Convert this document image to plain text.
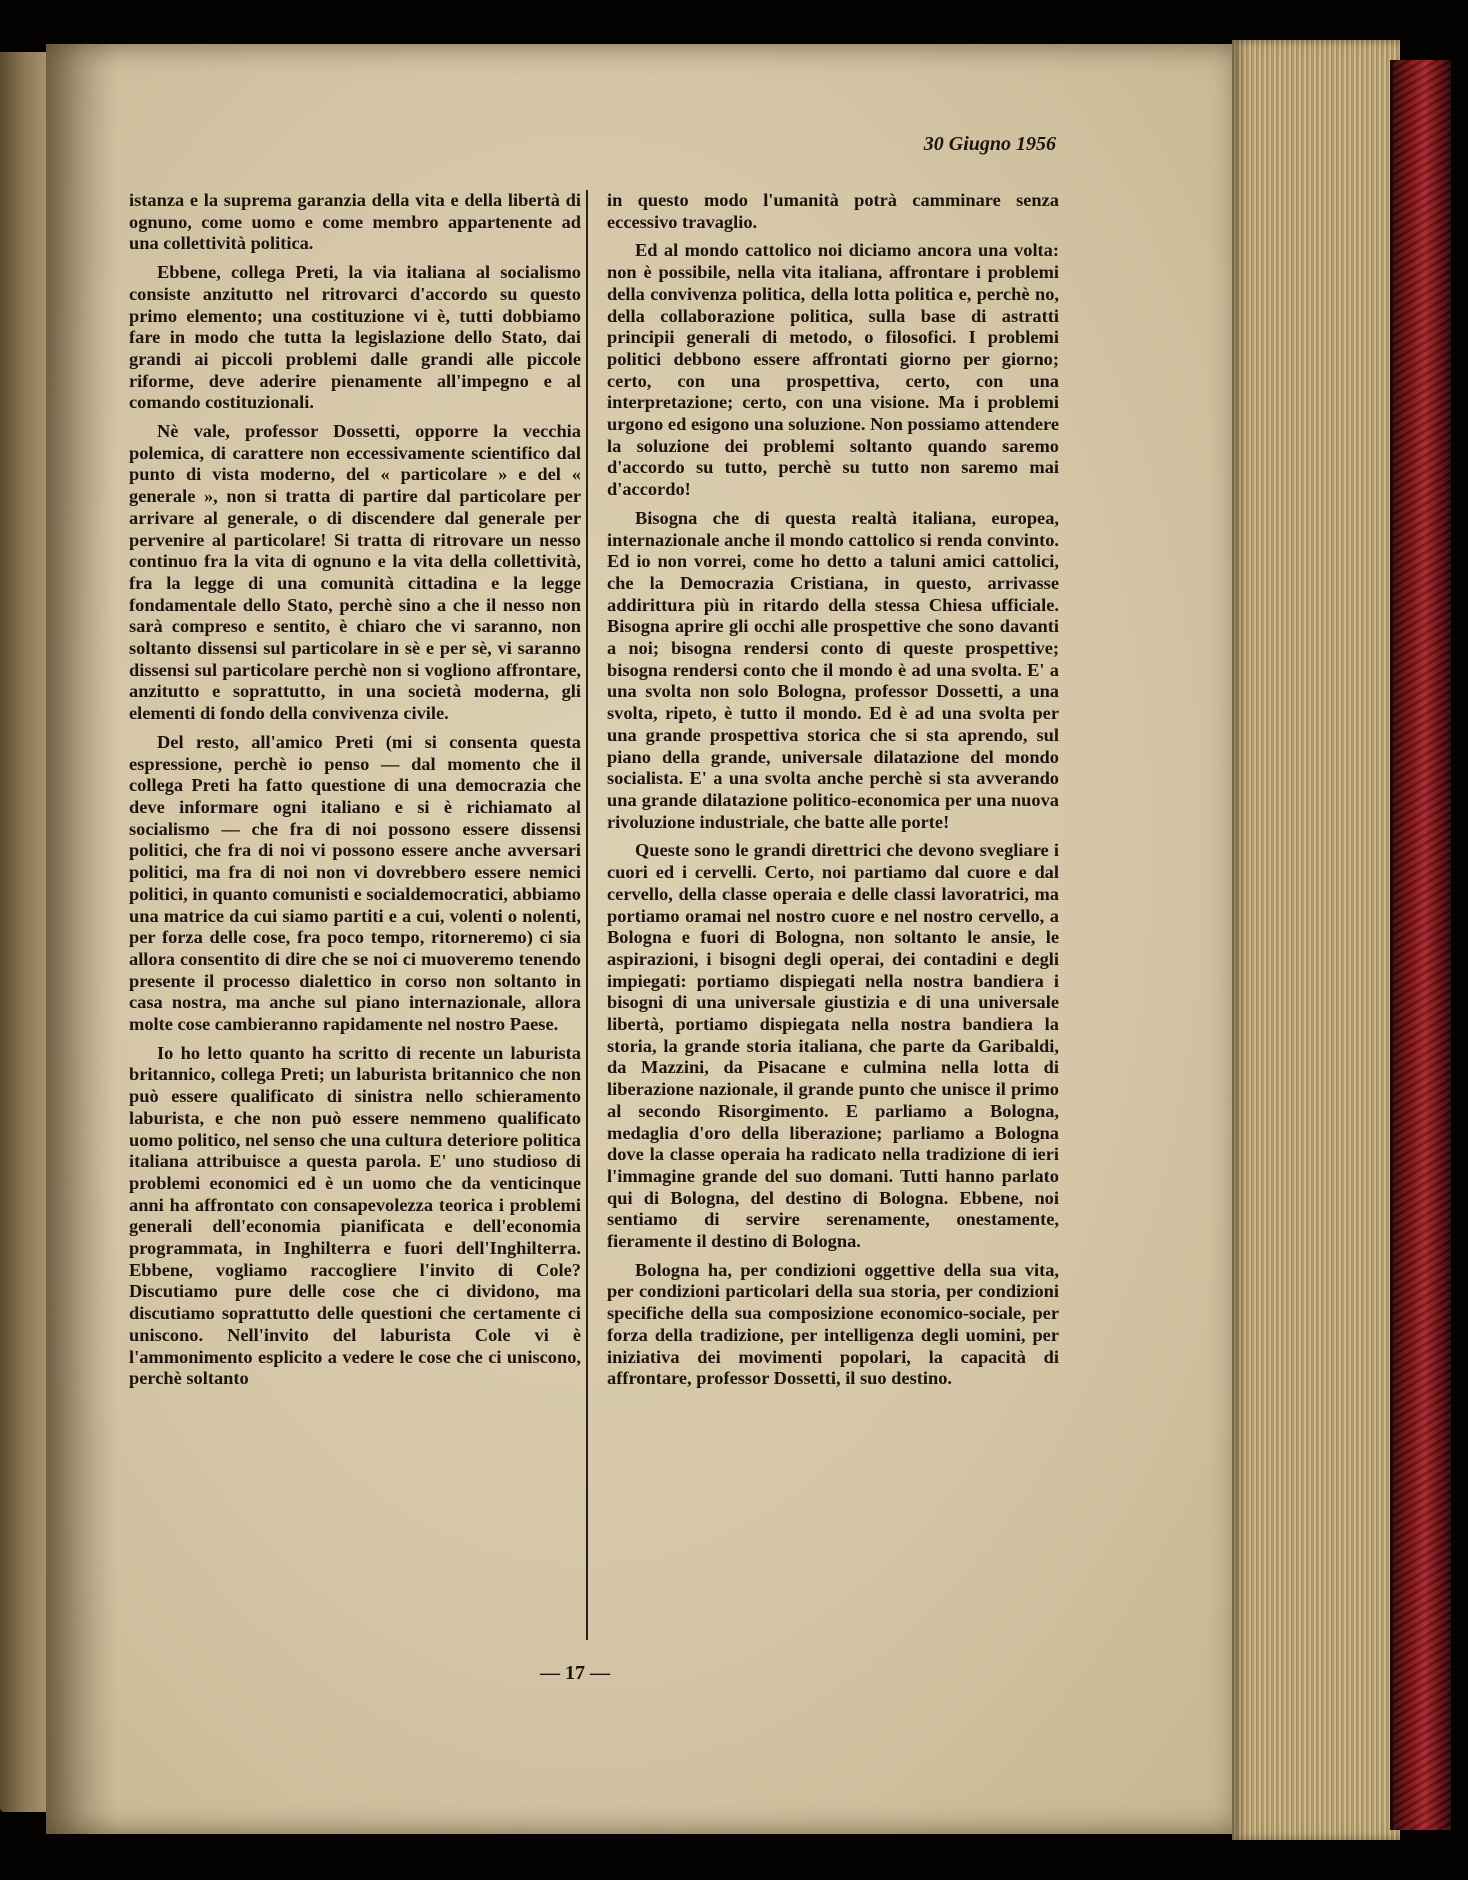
30 Giugno 1956

istanza e la suprema garanzia della vita e della libertà di ognuno, come uomo e come membro appartenente ad una collettività politica.

Ebbene, collega Preti, la via italiana al socialismo consiste anzitutto nel ritrovarci d'accordo su questo primo elemento; una costituzione vi è, tutti dobbiamo fare in modo che tutta la legislazione dello Stato, dai grandi ai piccoli problemi dalle grandi alle piccole riforme, deve aderire pienamente all'impegno e al comando costituzionali.

Nè vale, professor Dossetti, opporre la vecchia polemica, di carattere non eccessivamente scientifico dal punto di vista moderno, del « particolare » e del « generale », non si tratta di partire dal particolare per arrivare al generale, o di discendere dal generale per pervenire al particolare! Si tratta di ritrovare un nesso continuo fra la vita di ognuno e la vita della collettività, fra la legge di una comunità cittadina e la legge fondamentale dello Stato, perchè sino a che il nesso non sarà compreso e sentito, è chiaro che vi saranno, non soltanto dissensi sul particolare in sè e per sè, vi saranno dissensi sul particolare perchè non si vogliono affrontare, anzitutto e soprattutto, in una società moderna, gli elementi di fondo della convivenza civile.

Del resto, all'amico Preti (mi si consenta questa espressione, perchè io penso — dal momento che il collega Preti ha fatto questione di una democrazia che deve informare ogni italiano e si è richiamato al socialismo — che fra di noi possono essere dissensi politici, che fra di noi vi possono essere anche avversari politici, ma fra di noi non vi dovrebbero essere nemici politici, in quanto comunisti e socialdemocratici, abbiamo una matrice da cui siamo partiti e a cui, volenti o nolenti, per forza delle cose, fra poco tempo, ritorneremo) ci sia allora consentito di dire che se noi ci muoveremo tenendo presente il processo dialettico in corso non soltanto in casa nostra, ma anche sul piano internazionale, allora molte cose cambieranno rapidamente nel nostro Paese.

Io ho letto quanto ha scritto di recente un laburista britannico, collega Preti; un laburista britannico che non può essere qualificato di sinistra nello schieramento laburista, e che non può essere nemmeno qualificato uomo politico, nel senso che una cultura deteriore politica italiana attribuisce a questa parola. E' uno studioso di problemi economici ed è un uomo che da venticinque anni ha affrontato con consapevolezza teorica i problemi generali dell'economia pianificata e dell'economia programmata, in Inghilterra e fuori dell'Inghilterra. Ebbene, vogliamo raccogliere l'invito di Cole? Discutiamo pure delle cose che ci dividono, ma discutiamo soprattutto delle questioni che certamente ci uniscono. Nell'invito del laburista Cole vi è l'ammonimento esplicito a vedere le cose che ci uniscono, perchè soltanto

in questo modo l'umanità potrà camminare senza eccessivo travaglio.

Ed al mondo cattolico noi diciamo ancora una volta: non è possibile, nella vita italiana, affrontare i problemi della convivenza politica, della lotta politica e, perchè no, della collaborazione politica, sulla base di astratti principii generali di metodo, o filosofici. I problemi politici debbono essere affrontati giorno per giorno; certo, con una prospettiva, certo, con una interpretazione; certo, con una visione. Ma i problemi urgono ed esigono una soluzione. Non possiamo attendere la soluzione dei problemi soltanto quando saremo d'accordo su tutto, perchè su tutto non saremo mai d'accordo!

Bisogna che di questa realtà italiana, europea, internazionale anche il mondo cattolico si renda convinto. Ed io non vorrei, come ho detto a taluni amici cattolici, che la Democrazia Cristiana, in questo, arrivasse addirittura più in ritardo della stessa Chiesa ufficiale. Bisogna aprire gli occhi alle prospettive che sono davanti a noi; bisogna rendersi conto di queste prospettive; bisogna rendersi conto che il mondo è ad una svolta. E' a una svolta non solo Bologna, professor Dossetti, a una svolta, ripeto, è tutto il mondo. Ed è ad una svolta per una grande prospettiva storica che si sta aprendo, sul piano della grande, universale dilatazione del mondo socialista. E' a una svolta anche perchè si sta avverando una grande dilatazione politico-economica per una nuova rivoluzione industriale, che batte alle porte!

Queste sono le grandi direttrici che devono svegliare i cuori ed i cervelli. Certo, noi partiamo dal cuore e dal cervello, della classe operaia e delle classi lavoratrici, ma portiamo oramai nel nostro cuore e nel nostro cervello, a Bologna e fuori di Bologna, non soltanto le ansie, le aspirazioni, i bisogni degli operai, dei contadini e degli impiegati: portiamo dispiegati nella nostra bandiera i bisogni di una universale giustizia e di una universale libertà, portiamo dispiegata nella nostra bandiera la storia, la grande storia italiana, che parte da Garibaldi, da Mazzini, da Pisacane e culmina nella lotta di liberazione nazionale, il grande punto che unisce il primo al secondo Risorgimento. E parliamo a Bologna, medaglia d'oro della liberazione; parliamo a Bologna dove la classe operaia ha radicato nella tradizione di ieri l'immagine grande del suo domani. Tutti hanno parlato qui di Bologna, del destino di Bologna. Ebbene, noi sentiamo di servire serenamente, onestamente, fieramente il destino di Bologna.

Bologna ha, per condizioni oggettive della sua vita, per condizioni particolari della sua storia, per condizioni specifiche della sua composizione economico-sociale, per forza della tradizione, per intelligenza degli uomini, per iniziativa dei movimenti popolari, la capacità di affrontare, professor Dossetti, il suo destino.

— 17 —
